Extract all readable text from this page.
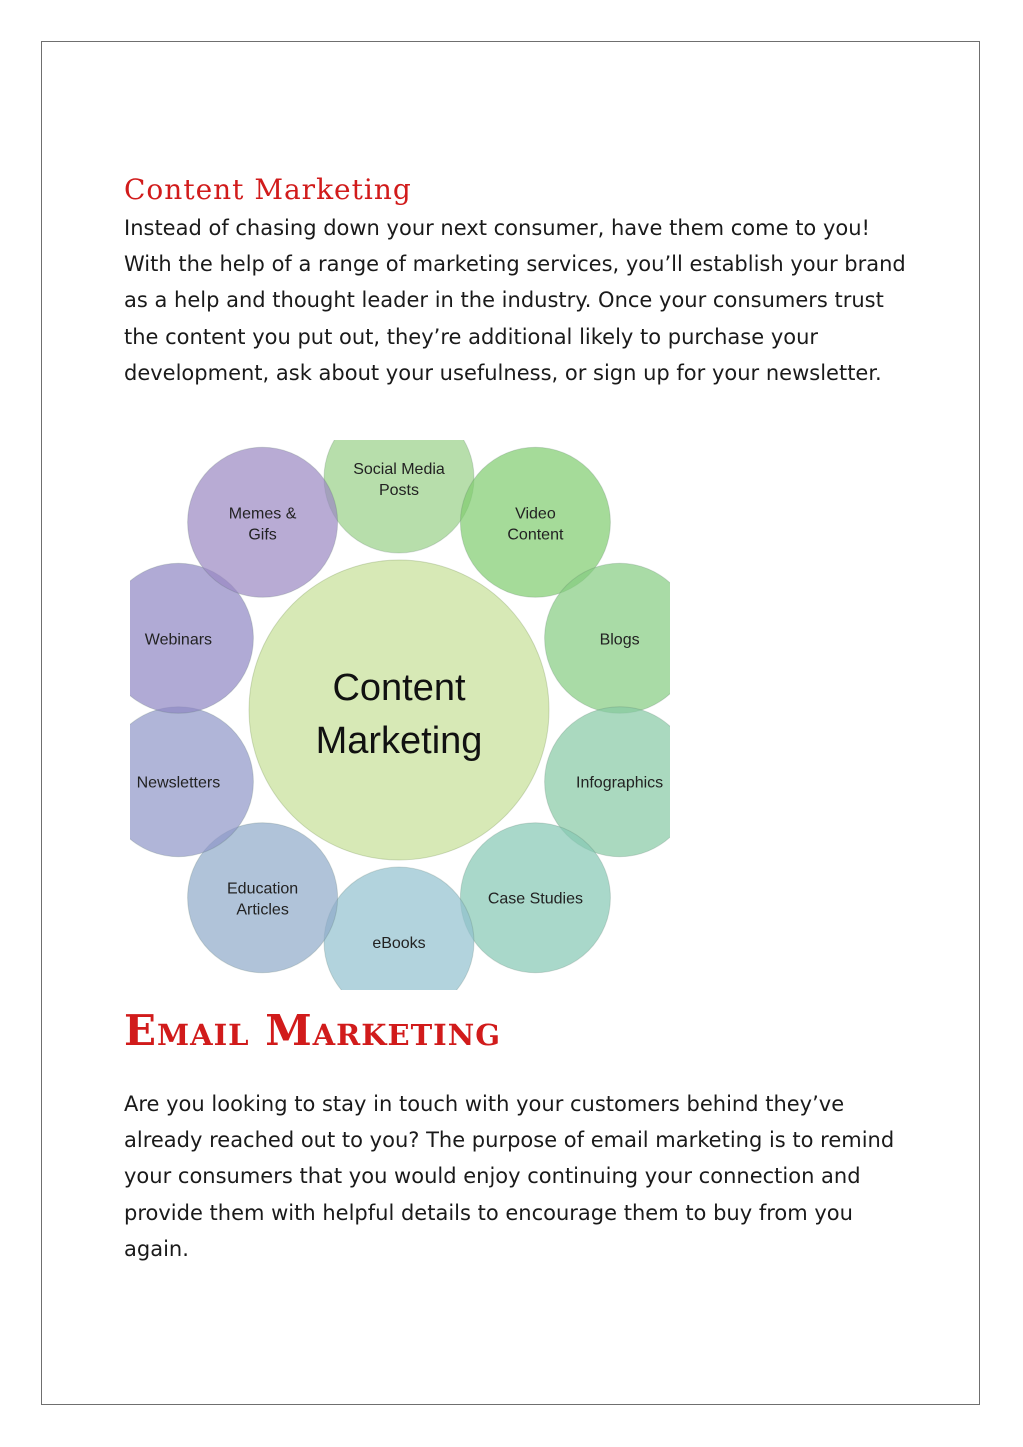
Content Marketing

Instead of chasing down your next consumer, have them come to you! With the help of a range of marketing services, you’ll establish your brand as a help and thought leader in the industry. Once your consumers trust the content you put out, they’re additional likely to purchase your development, ask about your usefulness, or sign up for your newsletter.

Content
Marketing
Social Media
Posts
Video
Content
Blogs
Infographics
Case Studies
eBooks
Education
Articles
Newsletters
Webinars
Memes &
Gifs
Email Marketing

Are you looking to stay in touch with your customers behind they’ve already reached out to you? The purpose of email marketing is to remind your consumers that you would enjoy continuing your connection and provide them with helpful details to encourage them to buy from you again.
